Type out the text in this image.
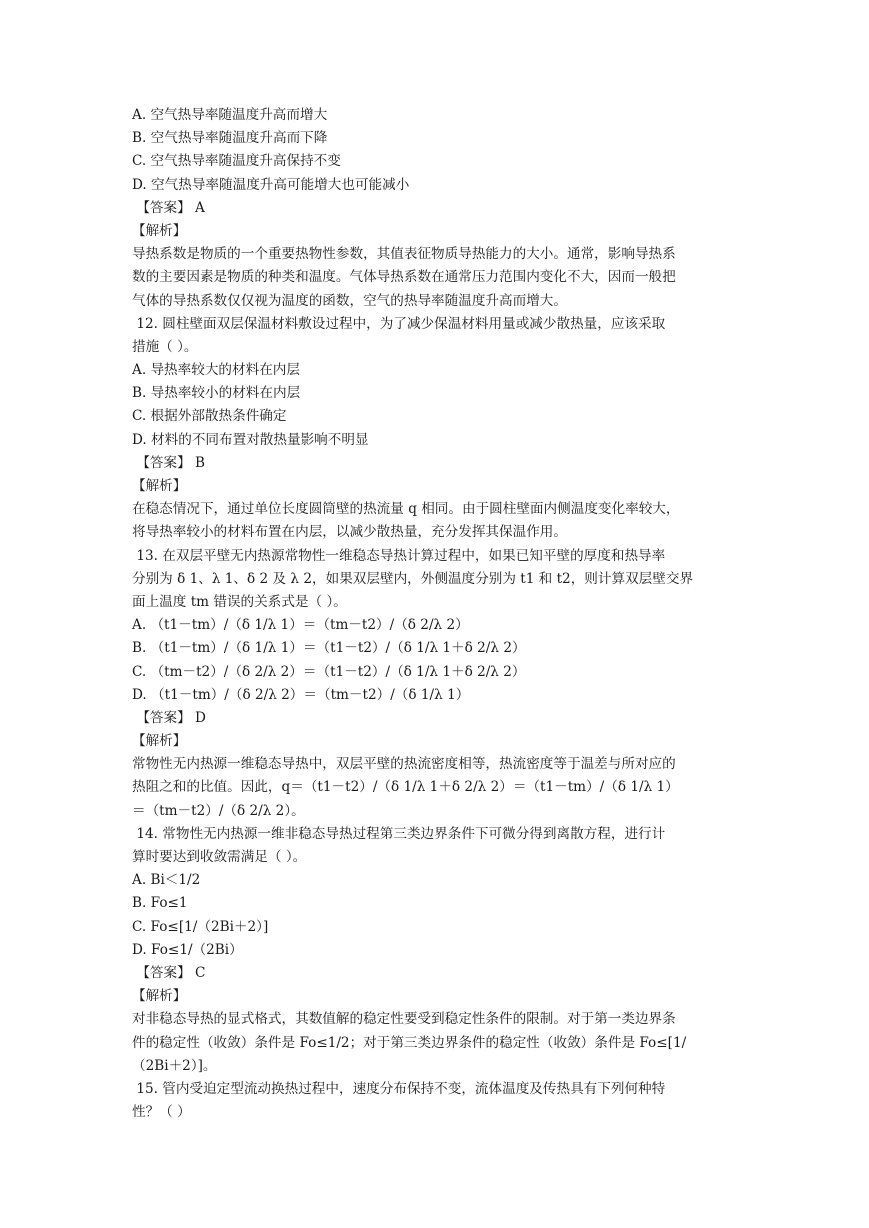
A. 空气热导率随温度升高而增大
B. 空气热导率随温度升高而下降
C. 空气热导率随温度升高保持不变
D. 空气热导率随温度升高可能增大也可能减小
【答案】 A
【解析】
导热系数是物质的一个重要热物性参数，其值表征物质导热能力的大小。通常，影响导热系
数的主要因素是物质的种类和温度。气体导热系数在通常压力范围内变化不大，因而一般把
气体的导热系数仅仅视为温度的函数，空气的热导率随温度升高而增大。
12. 圆柱壁面双层保温材料敷设过程中，为了减少保温材料用量或减少散热量，应该采取
措施（ ）。
A. 导热率较大的材料在内层
B. 导热率较小的材料在内层
C. 根据外部散热条件确定
D. 材料的不同布置对散热量影响不明显
【答案】 B
【解析】
在稳态情况下，通过单位长度圆筒壁的热流量 q 相同。由于圆柱壁面内侧温度变化率较大，
将导热率较小的材料布置在内层，以减少散热量，充分发挥其保温作用。
13. 在双层平壁无内热源常物性一维稳态导热计算过程中，如果已知平壁的厚度和热导率
分别为 δ 1、λ 1、δ 2 及 λ 2，如果双层壁内，外侧温度分别为 t1 和 t2，则计算双层壁交界
面上温度 tm 错误的关系式是（ ）。
A. （t1－tm）/（δ 1/λ 1）＝（tm－t2）/（δ 2/λ 2）
B. （t1－tm）/（δ 1/λ 1）＝（t1－t2）/（δ 1/λ 1＋δ 2/λ 2）
C. （tm－t2）/（δ 2/λ 2）＝（t1－t2）/（δ 1/λ 1＋δ 2/λ 2）
D. （t1－tm）/（δ 2/λ 2）＝（tm－t2）/（δ 1/λ 1）
【答案】 D
【解析】
常物性无内热源一维稳态导热中，双层平壁的热流密度相等，热流密度等于温差与所对应的
热阻之和的比值。因此，q＝（t1－t2）/（δ 1/λ 1＋δ 2/λ 2）＝（t1－tm）/（δ 1/λ 1）
＝（tm－t2）/（δ 2/λ 2）。
14. 常物性无内热源一维非稳态导热过程第三类边界条件下可微分得到离散方程，进行计
算时要达到收敛需满足（ ）。
A. Bi＜1/2
B. Fo≤1
C. Fo≤[1/（2Bi＋2）]
D. Fo≤1/（2Bi）
【答案】 C
【解析】
对非稳态导热的显式格式，其数值解的稳定性要受到稳定性条件的限制。对于第一类边界条
件的稳定性（收敛）条件是 Fo≤1/2；对于第三类边界条件的稳定性（收敛）条件是 Fo≤[1/
（2Bi＋2）]。
15. 管内受迫定型流动换热过程中，速度分布保持不变，流体温度及传热具有下列何种特
性？（ ）
